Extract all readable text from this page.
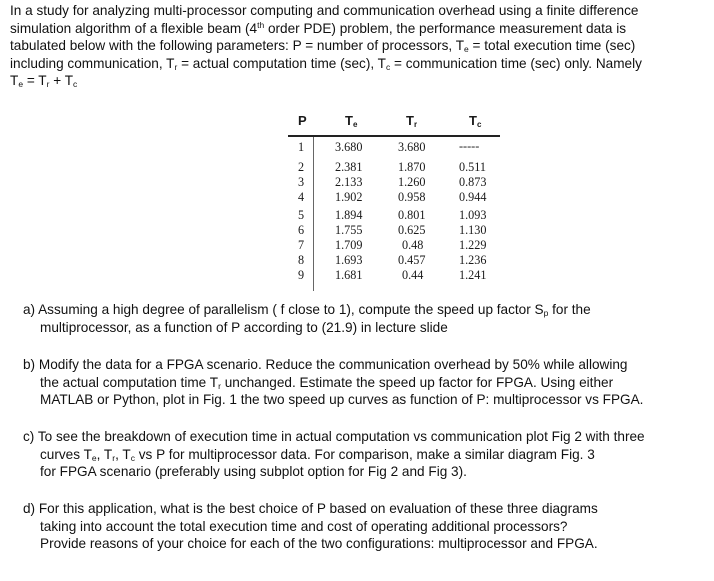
In a study for analyzing multi-processor computing and communication overhead using a finite difference
simulation algorithm of a flexible beam (4th order PDE) problem, the performance measurement data is
tabulated below with the following parameters: P = number of processors, $T_e$ = total execution time (sec)
including communication, $T_r$ = actual computation time (sec), $T_c$ = communication time (sec) only. Namely
$T_e = T_r + T_c$
P	$T_e$	$T_r$	$T_c$
1	3.680	3.680	-----
2	2.381	1.870	0.511
3	2.133	1.260	0.873
4	1.902	0.958	0.944
5	1.894	0.801	1.093
6	1.755	0.625	1.130
7	1.709	0.48	1.229
8	1.693	0.457	1.236
9	1.681	0.44	1.241
a) Assuming a high degree of parallelism ( f close to 1), compute the speed up factor $S_p$ for the
multiprocessor, as a function of P according to (21.9) in lecture slide
b) Modify the data for a FPGA scenario. Reduce the communication overhead by 50% while allowing
the actual computation time $T_r$ unchanged. Estimate the speed up factor for FPGA. Using either
MATLAB or Python, plot in Fig. 1 the two speed up curves as function of P: multiprocessor vs FPGA.
c) To see the breakdown of execution time in actual computation vs communication plot Fig 2 with three
curves $T_e$, $T_r$, $T_c$ vs P for multiprocessor data. For comparison, make a similar diagram Fig. 3
for FPGA scenario (preferably using subplot option for Fig 2 and Fig 3).
d) For this application, what is the best choice of P based on evaluation of these three diagrams
taking into account the total execution time and cost of operating additional processors?
Provide reasons of your choice for each of the two configurations: multiprocessor and FPGA.
